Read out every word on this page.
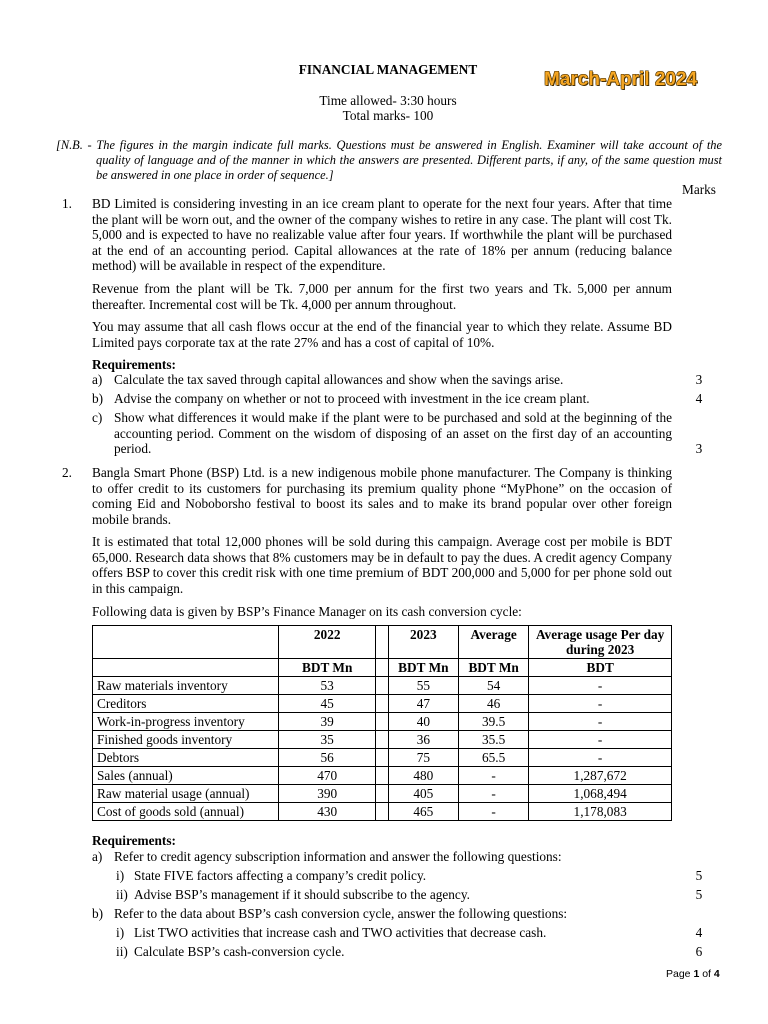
FINANCIAL MANAGEMENT
Time allowed- 3:30 hours
Total marks- 100
March-April 2024

[N.B. - The figures in the margin indicate full marks. Questions must be answered in English. Examiner will take account of the quality of language and of the manner in which the answers are presented. Different parts, if any, of the same question must be answered in one place in order of sequence.]

Marks
1. BD Limited is considering investing in an ice cream plant to operate for the next four years. After that time the plant will be worn out, and the owner of the company wishes to retire in any case. The plant will cost Tk. 5,000 and is expected to have no realizable value after four years. If worthwhile the plant will be purchased at the end of an accounting period. Capital allowances at the rate of 18% per annum (reducing balance method) will be available in respect of the expenditure.

Revenue from the plant will be Tk. 7,000 per annum for the first two years and Tk. 5,000 per annum thereafter. Incremental cost will be Tk. 4,000 per annum throughout.

You may assume that all cash flows occur at the end of the financial year to which they relate. Assume BD Limited pays corporate tax at the rate 27% and has a cost of capital of 10%.

Requirements:
a) Calculate the tax saved through capital allowances and show when the savings arise.	3
b) Advise the company on whether or not to proceed with investment in the ice cream plant.	4
c) Show what differences it would make if the plant were to be purchased and sold at the beginning of the accounting period. Comment on the wisdom of disposing of an asset on the first day of an accounting period.	3
2. Bangla Smart Phone (BSP) Ltd. is a new indigenous mobile phone manufacturer. The Company is thinking to offer credit to its customers for purchasing its premium quality phone “MyPhone” on the occasion of coming Eid and Noboborsho festival to boost its sales and to make its brand popular over other foreign mobile brands.

It is estimated that total 12,000 phones will be sold during this campaign. Average cost per mobile is BDT 65,000. Research data shows that 8% customers may be in default to pay the dues. A credit agency Company offers BSP to cover this credit risk with one time premium of BDT 200,000 and 5,000 for per phone sold out in this campaign.

Following data is given by BSP’s Finance Manager on its cash conversion cycle:

	2022		2023	Average	Average usage Per day during 2023
	BDT Mn		BDT Mn	BDT Mn	BDT
Raw materials inventory	53		55	54	-
Creditors	45		47	46	-
Work-in-progress inventory	39		40	39.5	-
Finished goods inventory	35		36	35.5	-
Debtors	56		75	65.5	-
Sales (annual)	470		480	-	1,287,672
Raw material usage (annual)	390		405	-	1,068,494
Cost of goods sold (annual)	430		465	-	1,178,083
Requirements:
a) Refer to credit agency subscription information and answer the following questions:
i) State FIVE factors affecting a company’s credit policy.	5
ii) Advise BSP’s management if it should subscribe to the agency.	5
b) Refer to the data about BSP’s cash conversion cycle, answer the following questions:
i) List TWO activities that increase cash and TWO activities that decrease cash.	4
ii) Calculate BSP’s cash-conversion cycle.	6
Page 1 of 4
